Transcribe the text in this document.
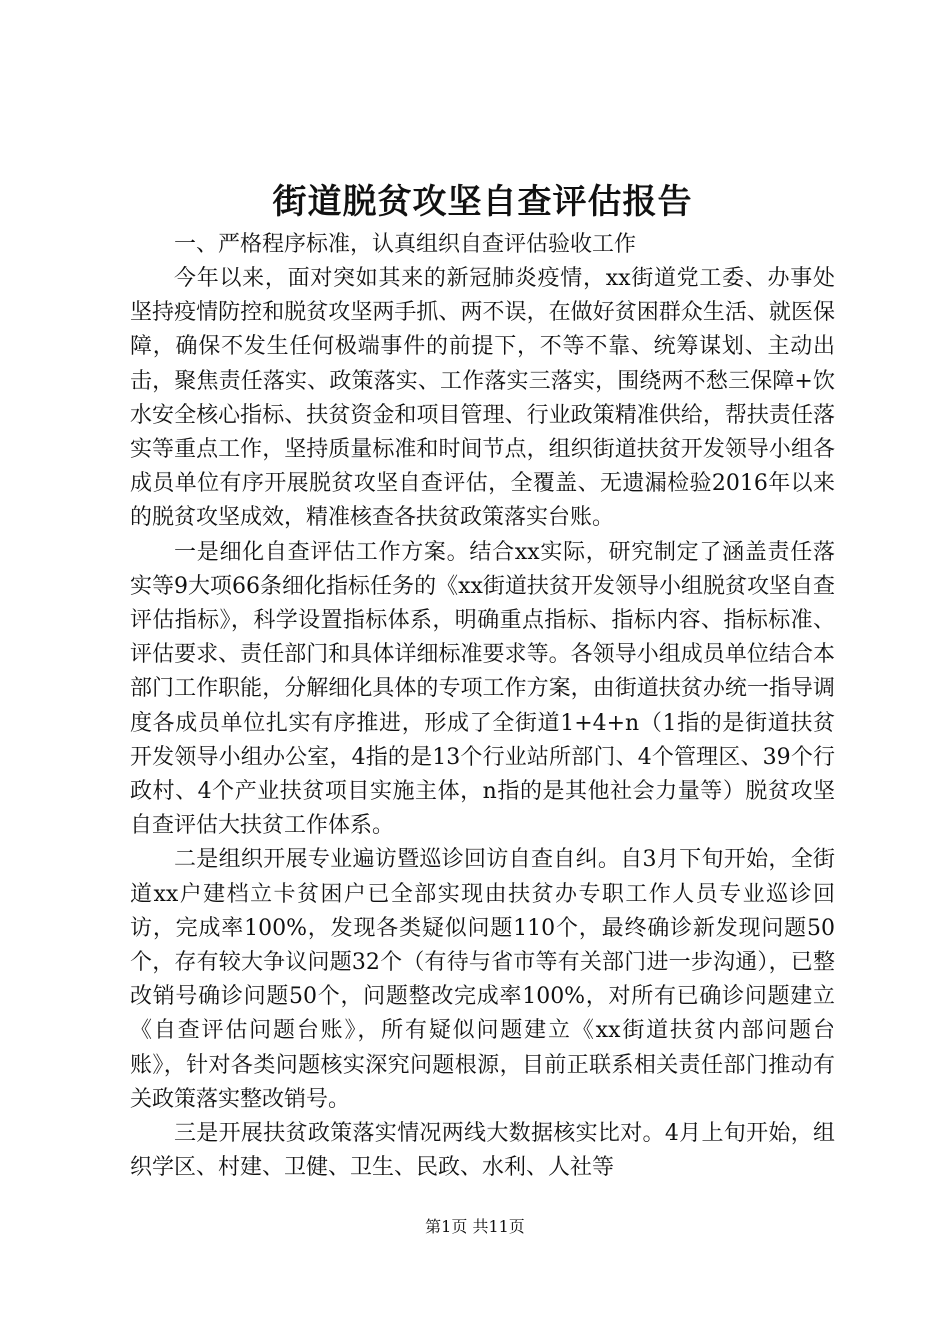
街道脱贫攻坚自查评估报告

一、严格程序标准，认真组织自查评估验收工作

今年以来，面对突如其来的新冠肺炎疫情，xx街道党工委、办事处坚持疫情防控和脱贫攻坚两手抓、两不误，在做好贫困群众生活、就医保障，确保不发生任何极端事件的前提下，不等不靠、统筹谋划、主动出击，聚焦责任落实、政策落实、工作落实三落实，围绕两不愁三保障+饮水安全核心指标、扶贫资金和项目管理、行业政策精准供给，帮扶责任落实等重点工作，坚持质量标准和时间节点，组织街道扶贫开发领导小组各成员单位有序开展脱贫攻坚自查评估，全覆盖、无遗漏检验2016年以来的脱贫攻坚成效，精准核查各扶贫政策落实台账。

一是细化自查评估工作方案。结合xx实际，研究制定了涵盖责任落实等9大项66条细化指标任务的《xx街道扶贫开发领导小组脱贫攻坚自查评估指标》，科学设置指标体系，明确重点指标、指标内容、指标标准、评估要求、责任部门和具体详细标准要求等。各领导小组成员单位结合本部门工作职能，分解细化具体的专项工作方案，由街道扶贫办统一指导调度各成员单位扎实有序推进，形成了全街道1+4+n（1指的是街道扶贫开发领导小组办公室，4指的是13个行业站所部门、4个管理区、39个行政村、4个产业扶贫项目实施主体，n指的是其他社会力量等）脱贫攻坚自查评估大扶贫工作体系。

二是组织开展专业遍访暨巡诊回访自查自纠。自3月下旬开始，全街道xx户建档立卡贫困户已全部实现由扶贫办专职工作人员专业巡诊回访，完成率100%，发现各类疑似问题110个，最终确诊新发现问题50个，存有较大争议问题32个（有待与省市等有关部门进一步沟通），已整改销号确诊问题50个，问题整改完成率100%，对所有已确诊问题建立《自查评估问题台账》，所有疑似问题建立《xx街道扶贫内部问题台账》，针对各类问题核实深究问题根源，目前正联系相关责任部门推动有关政策落实整改销号。

三是开展扶贫政策落实情况两线大数据核实比对。4月上旬开始，组织学区、村建、卫健、卫生、民政、水利、人社等

第1页 共11页
